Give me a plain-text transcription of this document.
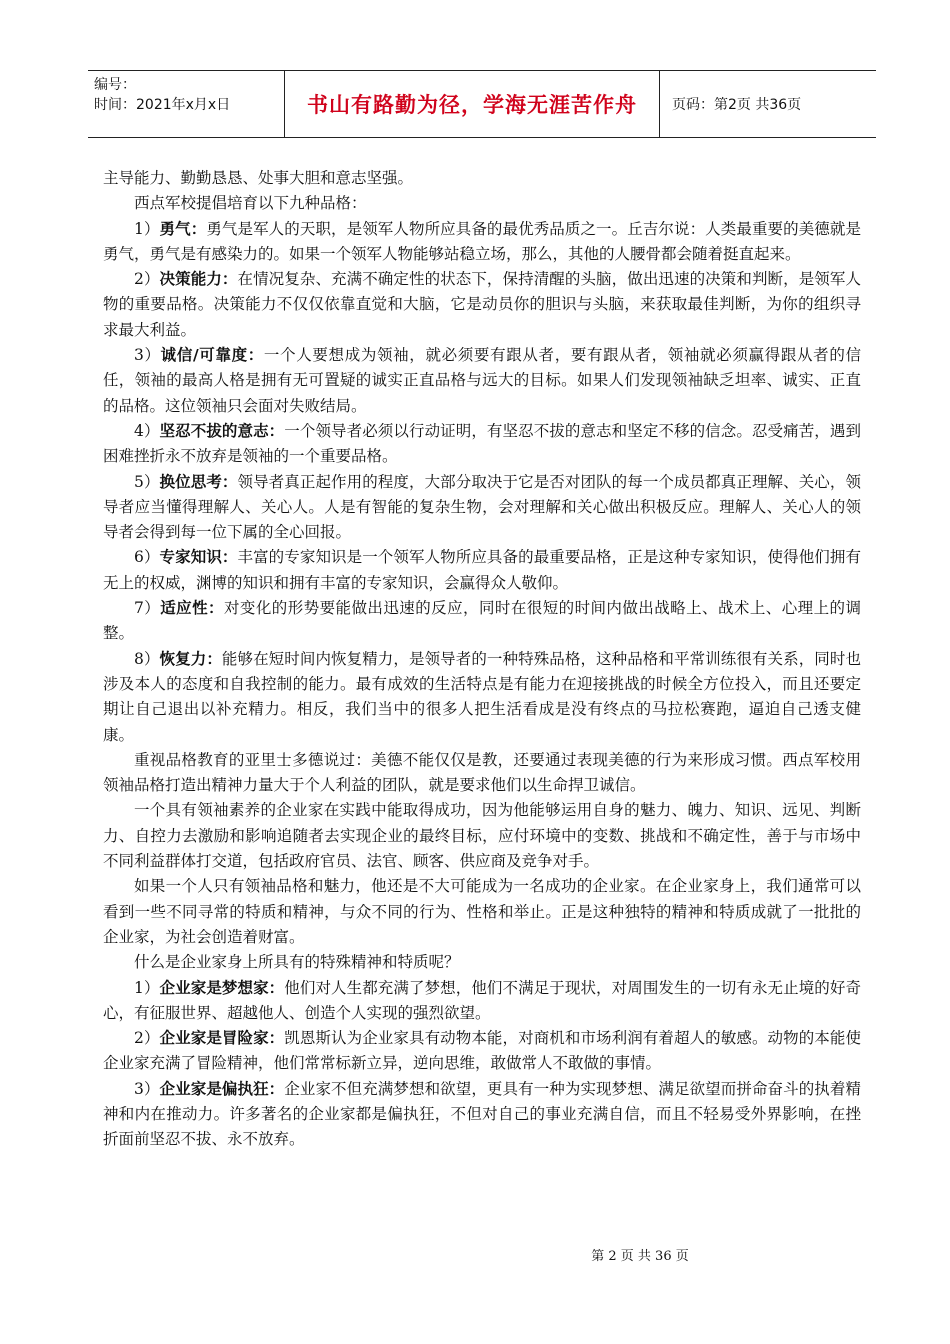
编号：
时间：2021年x月x日	书山有路勤为径，学海无涯苦作舟	页码：第2页 共36页

主导能力、勤勤恳恳、处事大胆和意志坚强。

西点军校提倡培育以下九种品格：

1）勇气：勇气是军人的天职，是领军人物所应具备的最优秀品质之一。丘吉尔说：人类最重要的美德就是勇气，勇气是有感染力的。如果一个领军人物能够站稳立场，那么，其他的人腰骨都会随着挺直起来。

2）决策能力：在情况复杂、充满不确定性的状态下，保持清醒的头脑，做出迅速的决策和判断，是领军人物的重要品格。决策能力不仅仅依靠直觉和大脑，它是动员你的胆识与头脑，来获取最佳判断，为你的组织寻求最大利益。

3）诚信/可靠度：一个人要想成为领袖，就必须要有跟从者，要有跟从者，领袖就必须赢得跟从者的信任，领袖的最高人格是拥有无可置疑的诚实正直品格与远大的目标。如果人们发现领袖缺乏坦率、诚实、正直的品格。这位领袖只会面对失败结局。

4）坚忍不拔的意志：一个领导者必须以行动证明，有坚忍不拔的意志和坚定不移的信念。忍受痛苦，遇到困难挫折永不放弃是领袖的一个重要品格。

5）换位思考：领导者真正起作用的程度，大部分取决于它是否对团队的每一个成员都真正理解、关心，领导者应当懂得理解人、关心人。人是有智能的复杂生物，会对理解和关心做出积极反应。理解人、关心人的领导者会得到每一位下属的全心回报。

6）专家知识：丰富的专家知识是一个领军人物所应具备的最重要品格，正是这种专家知识，使得他们拥有无上的权威，渊博的知识和拥有丰富的专家知识，会赢得众人敬仰。

7）适应性：对变化的形势要能做出迅速的反应，同时在很短的时间内做出战略上、战术上、心理上的调整。

8）恢复力：能够在短时间内恢复精力，是领导者的一种特殊品格，这种品格和平常训练很有关系，同时也涉及本人的态度和自我控制的能力。最有成效的生活特点是有能力在迎接挑战的时候全方位投入，而且还要定期让自己退出以补充精力。相反，我们当中的很多人把生活看成是没有终点的马拉松赛跑，逼迫自己透支健康。

重视品格教育的亚里士多德说过：美德不能仅仅是教，还要通过表现美德的行为来形成习惯。西点军校用领袖品格打造出精神力量大于个人利益的团队，就是要求他们以生命捍卫诚信。

一个具有领袖素养的企业家在实践中能取得成功，因为他能够运用自身的魅力、魄力、知识、远见、判断力、自控力去激励和影响追随者去实现企业的最终目标，应付环境中的变数、挑战和不确定性，善于与市场中不同利益群体打交道，包括政府官员、法官、顾客、供应商及竞争对手。

如果一个人只有领袖品格和魅力，他还是不大可能成为一名成功的企业家。在企业家身上，我们通常可以看到一些不同寻常的特质和精神，与众不同的行为、性格和举止。正是这种独特的精神和特质成就了一批批的企业家，为社会创造着财富。

什么是企业家身上所具有的特殊精神和特质呢？

1）企业家是梦想家：他们对人生都充满了梦想，他们不满足于现状，对周围发生的一切有永无止境的好奇心，有征服世界、超越他人、创造个人实现的强烈欲望。

2）企业家是冒险家：凯恩斯认为企业家具有动物本能，对商机和市场利润有着超人的敏感。动物的本能使企业家充满了冒险精神，他们常常标新立异，逆向思维，敢做常人不敢做的事情。

3）企业家是偏执狂：企业家不但充满梦想和欲望，更具有一种为实现梦想、满足欲望而拼命奋斗的执着精神和内在推动力。许多著名的企业家都是偏执狂，不但对自己的事业充满自信，而且不轻易受外界影响，在挫折面前坚忍不拔、永不放弃。

第 2 页 共 36 页
